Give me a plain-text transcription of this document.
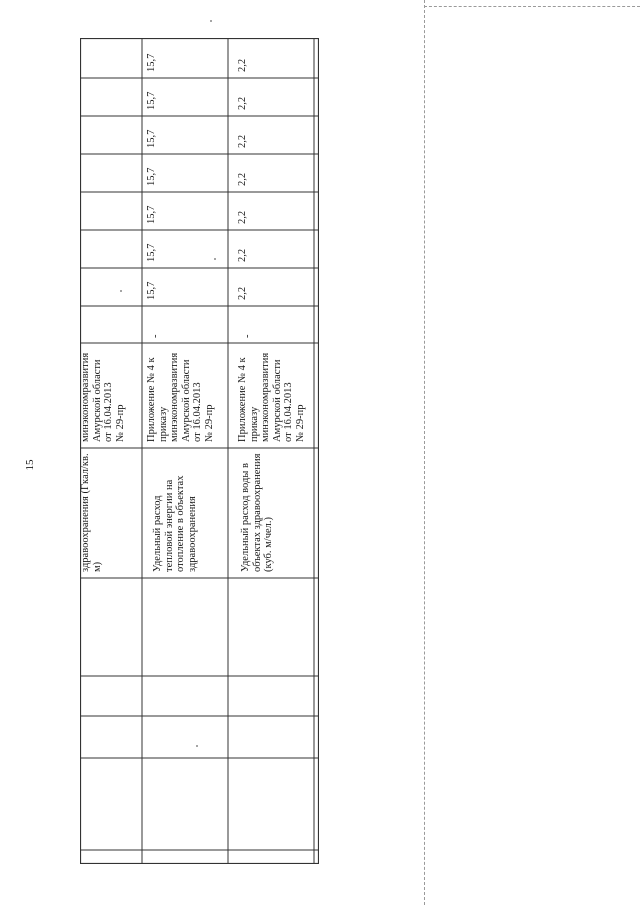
15	здравоохранения (Гкал/кв. м)
минэкономразвития Амурской области от 16.04.2013 № 29-пр
Удельный расход тепловой энергии на отопление в объектах здравоохранения
Приложение № 4 к приказу минэкономразвития Амурской области от 16.04.2013 № 29-пр
-
Удельный расход воды в объектах здравоохранения (куб. м/чел.)
Приложение № 4 к приказу минэкономразвития Амурской области от 16.04.2013 № 29-пр
-
15,7
15,7
15,7
15,7
15,7
15,7
15,7
2,2
2,2
2,2
2,2
2,2
2,2
2,2
